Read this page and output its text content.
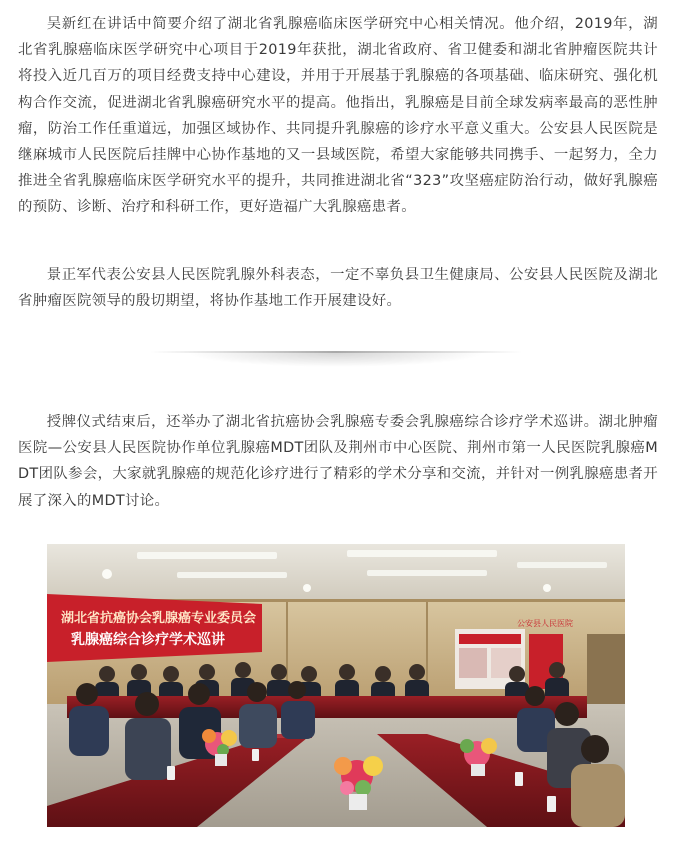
吴新红在讲话中简要介绍了湖北省乳腺癌临床医学研究中心相关情况。他介绍，2019年，湖北省乳腺癌临床医学研究中心项目于2019年获批，湖北省政府、省卫健委和湖北省肿瘤医院共计将投入近几百万的项目经费支持中心建设，并用于开展基于乳腺癌的各项基础、临床研究、强化机构合作交流，促进湖北省乳腺癌研究水平的提高。他指出，乳腺癌是目前全球发病率最高的恶性肿瘤，防治工作任重道远，加强区域协作、共同提升乳腺癌的诊疗水平意义重大。公安县人民医院是继麻城市人民医院后挂牌中心协作基地的又一县域医院，希望大家能够共同携手、一起努力，全力推进全省乳腺癌临床医学研究水平的提升，共同推进湖北省“323”攻坚癌症防治行动，做好乳腺癌的预防、诊断、治疗和科研工作，更好造福广大乳腺癌患者。

景正军代表公安县人民医院乳腺外科表态，一定不辜负县卫生健康局、公安县人民医院及湖北省肿瘤医院领导的殷切期望，将协作基地工作开展建设好。

授牌仪式结束后，还举办了湖北省抗癌协会乳腺癌专委会乳腺癌综合诊疗学术巡讲。湖北肿瘤医院—公安县人民医院协作单位乳腺癌MDT团队及荆州市中心医院、荆州市第一人民医院乳腺癌MDT团队参会，大家就乳腺癌的规范化诊疗进行了精彩的学术分享和交流，并针对一例乳腺癌患者开展了深入的MDT讨论。

湖北省抗癌协会乳腺癌专业委员会
乳腺癌综合诊疗学术巡讲
公安县人民医院
